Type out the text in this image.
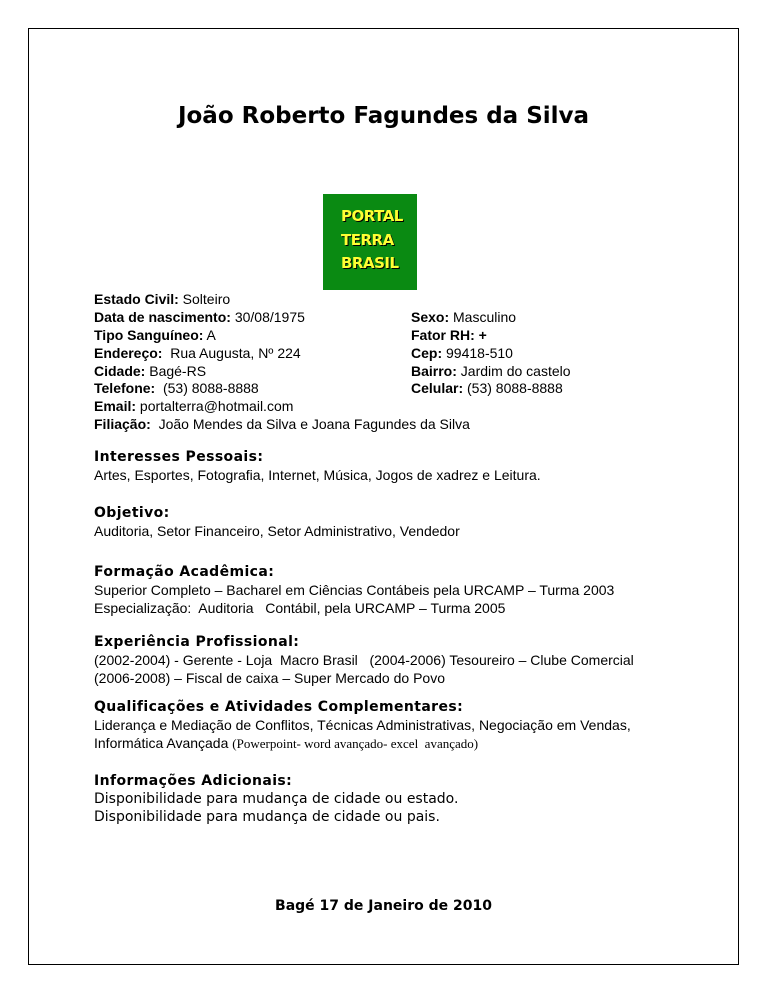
João Roberto Fagundes da Silva
PORTAL
TERRA
BRASIL
Estado Civil: Solteiro
Data de nascimento: 30/08/1975	Sexo: Masculino
Tipo Sanguíneo: A	Fator RH: +
Endereço:  Rua Augusta, Nº 224	Cep: 99418-510
Cidade: Bagé-RS	Bairro: Jardim do castelo
Telefone:  (53) 8088-8888	Celular: (53) 8088-8888
Email: portalterra@hotmail.com
Filiação:  João Mendes da Silva e Joana Fagundes da Silva
Interesses Pessoais:
Artes, Esportes, Fotografia, Internet, Música, Jogos de xadrez e Leitura.
Objetivo:
Auditoria, Setor Financeiro, Setor Administrativo, Vendedor
Formação Acadêmica:
Superior Completo – Bacharel em Ciências Contábeis pela URCAMP – Turma 2003
Especialização:  Auditoria   Contábil, pela URCAMP – Turma 2005
Experiência Profissional:
(2002-2004) - Gerente - Loja  Macro Brasil   (2004-2006) Tesoureiro – Clube Comercial
(2006-2008) – Fiscal de caixa – Super Mercado do Povo
Qualificações e Atividades Complementares:
Liderança e Mediação de Conflitos, Técnicas Administrativas, Negociação em Vendas,
Informática Avançada (Powerpoint- word avançado- excel  avançado)
Informações Adicionais:
Disponibilidade para mudança de cidade ou estado.
Disponibilidade para mudança de cidade ou pais.
Bagé 17 de Janeiro de 2010
